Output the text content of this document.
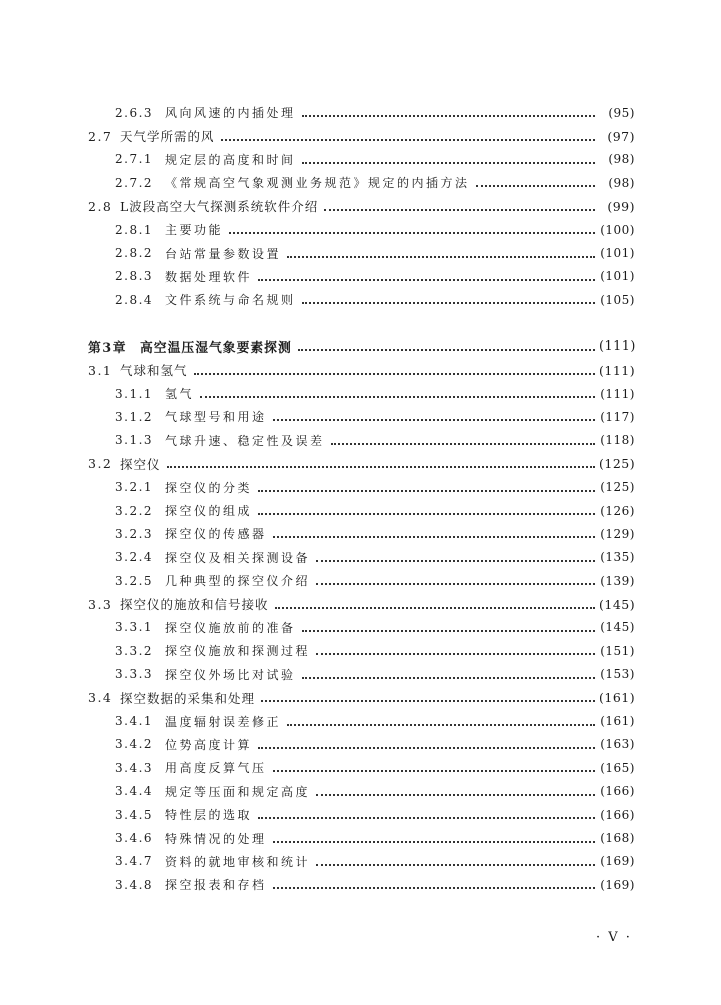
2.6.3 风向风速的内插处理	(95)
2.7 天气学所需的风	(97)
2.7.1 规定层的高度和时间	(98)
2.7.2 《常规高空气象观测业务规范》规定的内插方法	(98)
2.8 L波段高空大气探测系统软件介绍	(99)
2.8.1 主要功能	(100)
2.8.2 台站常量参数设置	(101)
2.8.3 数据处理软件	(101)
2.8.4 文件系统与命名规则	(105)
第3章	高空温压湿气象要素探测	(111)
3.1 气球和氢气	(111)
3.1.1 氢气	(111)
3.1.2 气球型号和用途	(117)
3.1.3 气球升速、稳定性及误差	(118)
3.2 探空仪	(125)
3.2.1 探空仪的分类	(125)
3.2.2 探空仪的组成	(126)
3.2.3 探空仪的传感器	(129)
3.2.4 探空仪及相关探测设备	(135)
3.2.5 几种典型的探空仪介绍	(139)
3.3 探空仪的施放和信号接收	(145)
3.3.1 探空仪施放前的准备	(145)
3.3.2 探空仪施放和探测过程	(151)
3.3.3 探空仪外场比对试验	(153)
3.4 探空数据的采集和处理	(161)
3.4.1 温度辐射误差修正	(161)
3.4.2 位势高度计算	(163)
3.4.3 用高度反算气压	(165)
3.4.4 规定等压面和规定高度	(166)
3.4.5 特性层的选取	(166)
3.4.6 特殊情况的处理	(168)
3.4.7 资料的就地审核和统计	(169)
3.4.8 探空报表和存档	(169)
· V ·
